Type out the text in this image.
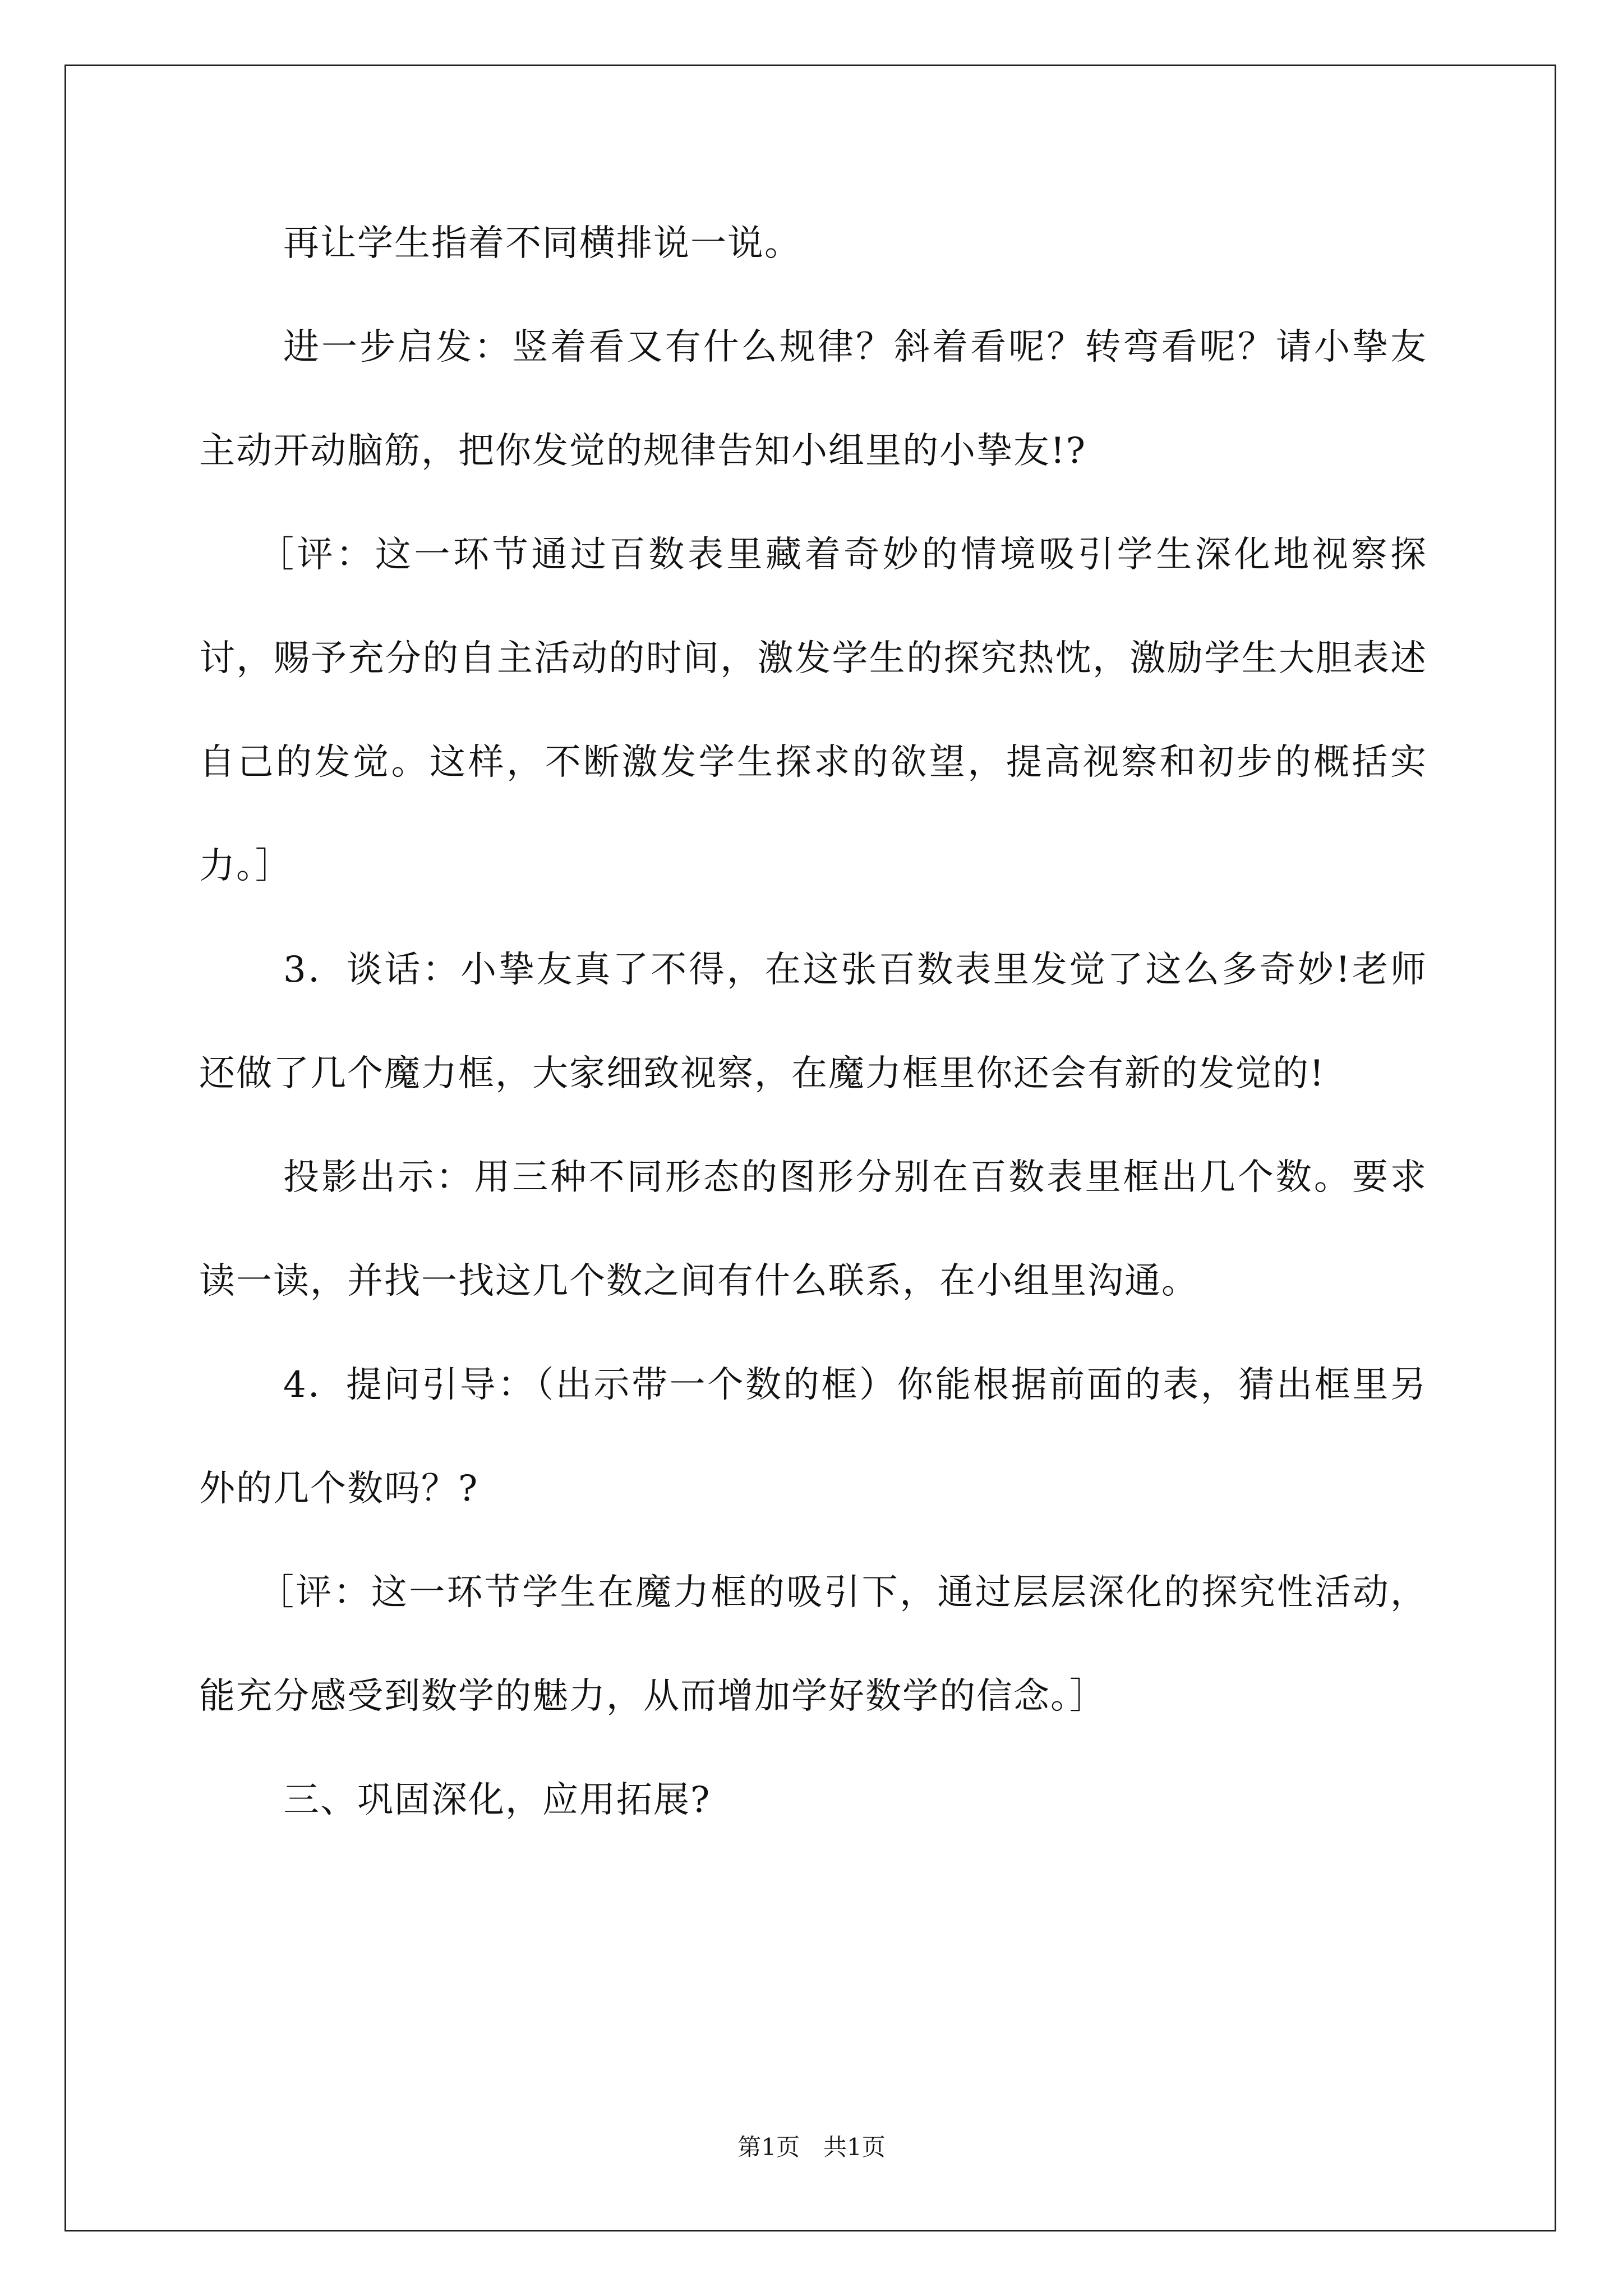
再让学生指着不同横排说一说。

进一步启发：竖着看又有什么规律？斜着看呢？转弯看呢？请小挚友主动开动脑筋，把你发觉的规律告知小组里的小挚友!?

［评：这一环节通过百数表里藏着奇妙的情境吸引学生深化地视察探讨，赐予充分的自主活动的时间，激发学生的探究热忱，激励学生大胆表述自己的发觉。这样，不断激发学生探求的欲望，提高视察和初步的概括实力。］

3．谈话：小挚友真了不得，在这张百数表里发觉了这么多奇妙!老师还做了几个魔力框，大家细致视察，在魔力框里你还会有新的发觉的!

投影出示：用三种不同形态的图形分别在百数表里框出几个数。要求读一读，并找一找这几个数之间有什么联系，在小组里沟通。

4．提问引导：（出示带一个数的框）你能根据前面的表，猜出框里另外的几个数吗？?

［评：这一环节学生在魔力框的吸引下，通过层层深化的探究性活动，能充分感受到数学的魅力，从而增加学好数学的信念。］

三、巩固深化，应用拓展?

第1页　共1页
